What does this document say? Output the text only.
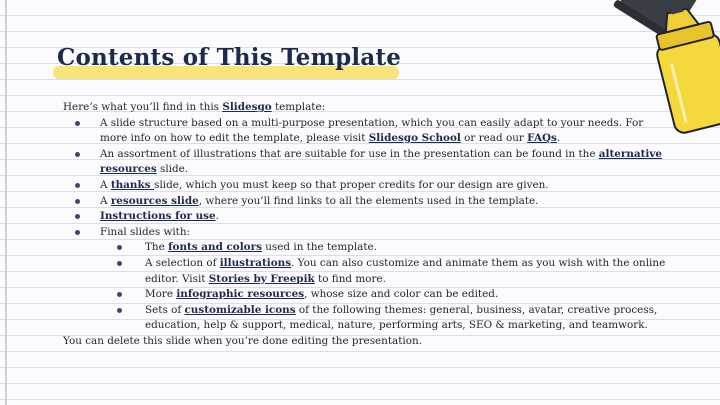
Contents of This Template

Here’s what you’ll find in this Slidesgo template:

A slide structure based on a multi-purpose presentation, which you can easily adapt to your needs. For more info on how to edit the template, please visit Slidesgo School or read our FAQs.
An assortment of illustrations that are suitable for use in the presentation can be found in the alternative resources slide.
A thanks slide, which you must keep so that proper credits for our design are given.
A resources slide, where you’ll find links to all the elements used in the template.
Instructions for use.
Final slides with:
The fonts and colors used in the template.
A selection of illustrations. You can also customize and animate them as you wish with the online editor. Visit Stories by Freepik to find more.
More infographic resources, whose size and color can be edited.
Sets of customizable icons of the following themes: general, business, avatar, creative process, education, help & support, medical, nature, performing arts, SEO & marketing, and teamwork.

You can delete this slide when you’re done editing the presentation.
